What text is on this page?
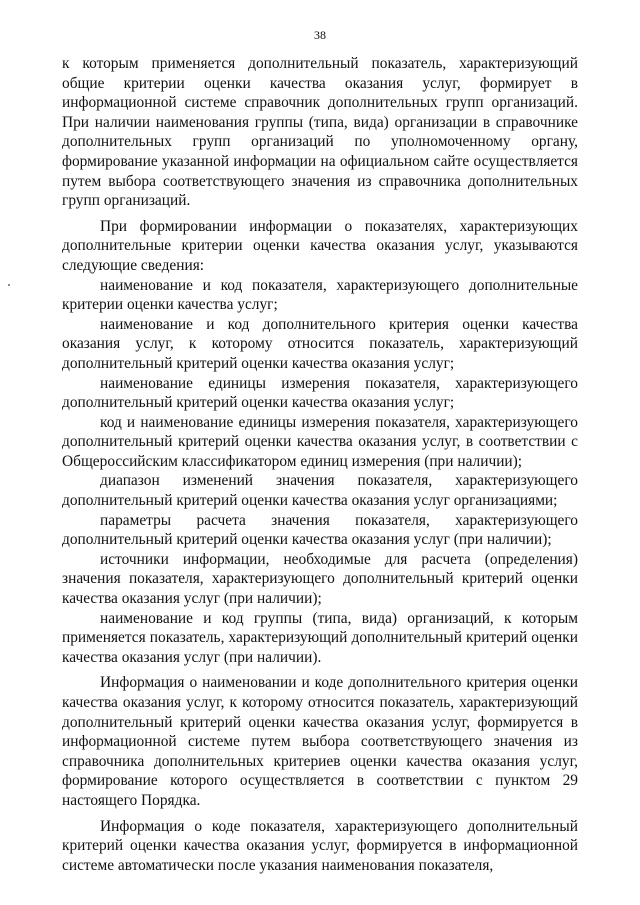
38

к которым применяется дополнительный показатель, характеризующий общие критерии оценки качества оказания услуг, формирует в информационной системе справочник дополнительных групп организаций. При наличии наименования группы (типа, вида) организации в справочнике дополнительных групп организаций по уполномоченному органу, формирование указанной информации на официальном сайте осуществляется путем выбора соответствующего значения из справочника дополнительных групп организаций.

При формировании информации о показателях, характеризующих дополнительные критерии оценки качества оказания услуг, указываются следующие сведения:

наименование и код показателя, характеризующего дополнительные критерии оценки качества услуг;

наименование и код дополнительного критерия оценки качества оказания услуг, к которому относится показатель, характеризующий дополнительный критерий оценки качества оказания услуг;

наименование единицы измерения показателя, характеризующего дополнительный критерий оценки качества оказания услуг;

код и наименование единицы измерения показателя, характеризующего дополнительный критерий оценки качества оказания услуг, в соответствии с Общероссийским классификатором единиц измерения (при наличии);

диапазон изменений значения показателя, характеризующего дополнительный критерий оценки качества оказания услуг организациями;

параметры расчета значения показателя, характеризующего дополнительный критерий оценки качества оказания услуг (при наличии);

источники информации, необходимые для расчета (определения) значения показателя, характеризующего дополнительный критерий оценки качества оказания услуг (при наличии);

наименование и код группы (типа, вида) организаций, к которым применяется показатель, характеризующий дополнительный критерий оценки качества оказания услуг (при наличии).

Информация о наименовании и коде дополнительного критерия оценки качества оказания услуг, к которому относится показатель, характеризующий дополнительный критерий оценки качества оказания услуг, формируется в информационной системе путем выбора соответствующего значения из справочника дополнительных критериев оценки качества оказания услуг, формирование которого осуществляется в соответствии с пунктом 29 настоящего Порядка.

Информация о коде показателя, характеризующего дополнительный критерий оценки качества оказания услуг, формируется в информационной системе автоматически после указания наименования показателя,
